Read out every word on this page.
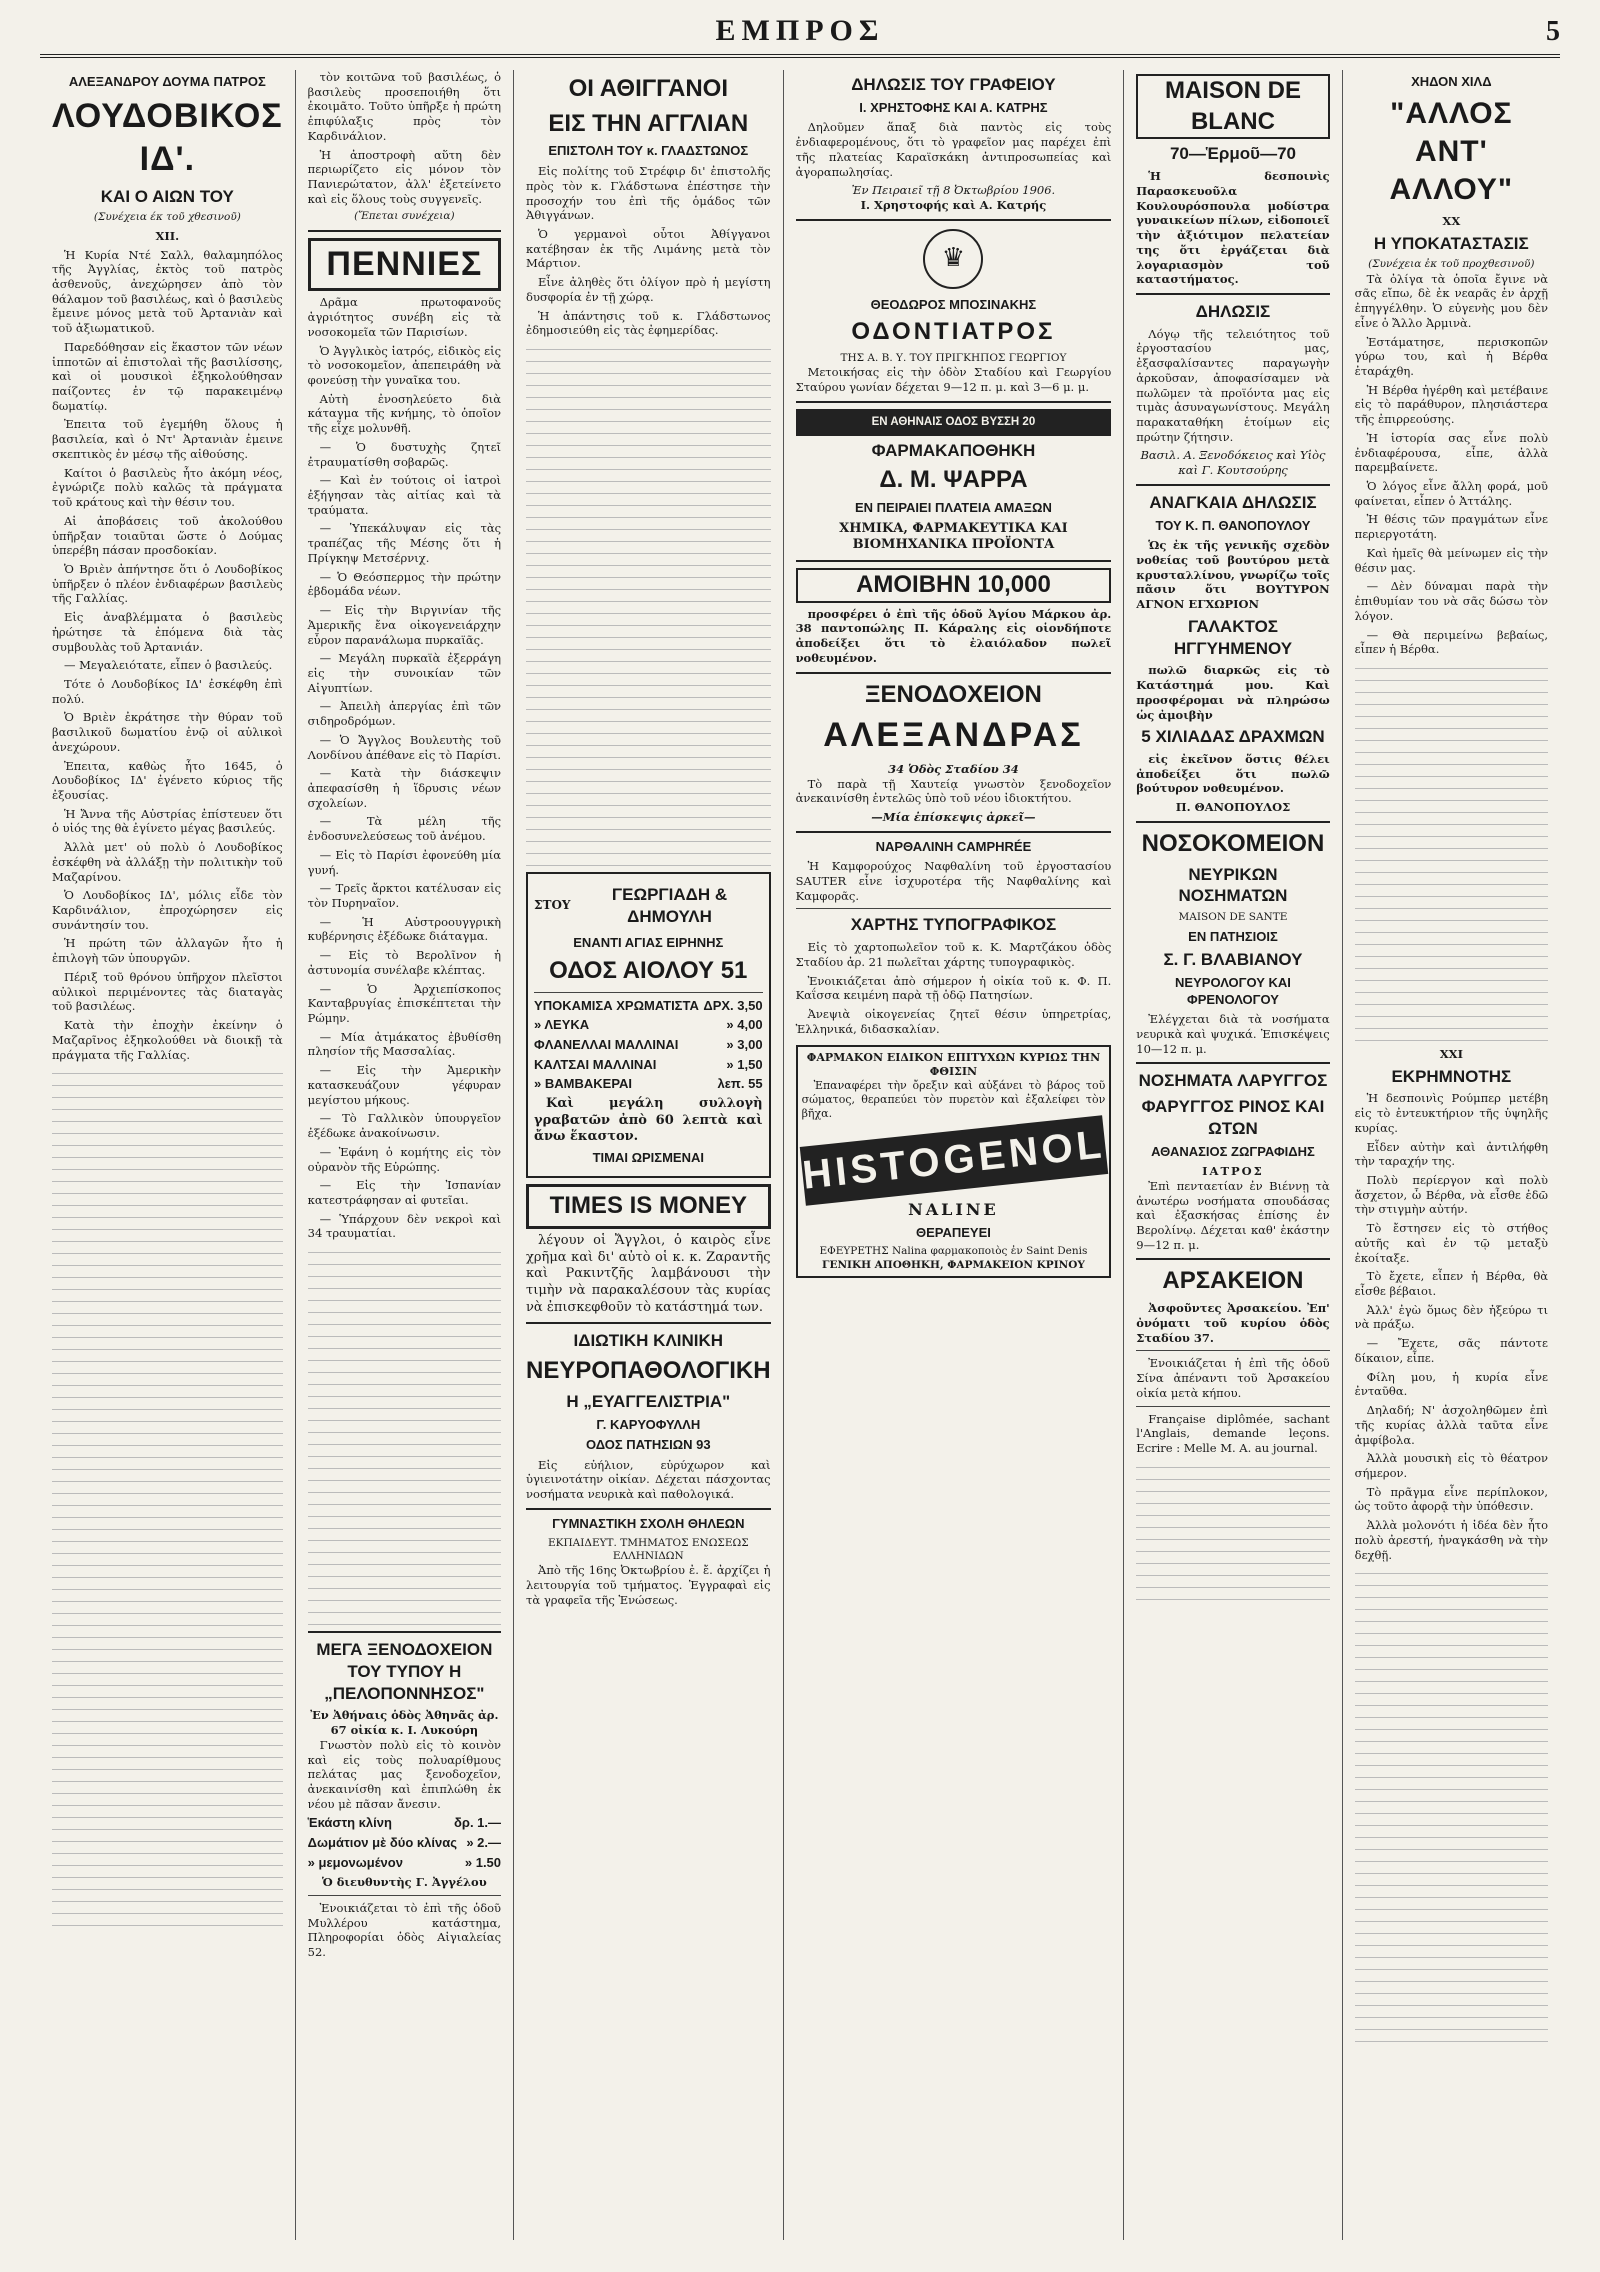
ΕΜΠΡΟΣ	5
ΑΛΕΞΑΝΔΡΟΥ ΔΟΥΜΑ ΠΑΤΡΟΣ
ΛΟΥΔΟΒΙΚΟΣ ΙΔ'.
ΚΑΙ Ο ΑΙΩΝ ΤΟΥ
(Συνέχεια έκ τοῦ χθεσινοῦ)
XII.

Ἡ Κυρία Ντέ Σαλλ, θαλαμηπόλος τῆς Ἀγγλίας, ἐκτὸς τοῦ πατρὸς ἀσθενοῦς, ἀνεχώρησεν ἀπὸ τὸν θάλαμον τοῦ βασιλέως, καὶ ὁ βασιλεὺς ἔμεινε μόνος μετὰ τοῦ Ἀρτανιὰν καὶ τοῦ ἀξιωματικοῦ.

Παρεδόθησαν εἰς ἕκαστον τῶν νέων ἱπποτῶν αἱ ἐπιστολαὶ τῆς βασιλίσσης, καὶ οἱ μουσικοὶ ἐξηκολούθησαν παίζοντες ἐν τῷ παρακειμένῳ δωματίῳ.

Ἐπειτα τοῦ ἐγεμήθη ὅλους ἡ βασιλεία, καὶ ὁ Ντ' Ἀρτανιὰν ἐμεινε σκεπτικὸς ἐν μέσῳ τῆς αἰθούσης.

Καίτοι ὁ βασιλεὺς ἦτο ἀκόμη νέος, ἐγνώριζε πολὺ καλῶς τὰ πράγματα τοῦ κράτους καὶ τὴν θέσιν του.

Αἱ ἀποβάσεις τοῦ ἀκολούθου ὑπῆρξαν τοιαῦται ὥστε ὁ Δούμας ὑπερέβη πάσαν προσδοκίαν.

Ὁ Βριὲν ἀπήντησε ὅτι ὁ Λουδοβίκος ὑπῆρξεν ὁ πλέον ἐνδιαφέρων βασιλεὺς τῆς Γαλλίας.

Εἰς ἀναβλέμματα ὁ βασιλεὺς ἠρώτησε τὰ ἐπόμενα διὰ τὰς συμβουλὰς τοῦ Ἀρτανιάν.

— Μεγαλειότατε, εἶπεν ὁ βασιλεύς.

Τότε ὁ Λουδοβίκος ΙΔ' ἐσκέφθη ἐπὶ πολύ.

Ὁ Βριὲν ἐκράτησε τὴν θύραν τοῦ βασιλικοῦ δωματίου ἐνῷ οἱ αὐλικοὶ ἀνεχώρουν.

Ἐπειτα, καθὼς ἦτο 1645, ὁ Λουδοβίκος ΙΔ' ἐγένετο κύριος τῆς ἐξουσίας.

Ἡ Ἄννα τῆς Αὐστρίας ἐπίστευεν ὅτι ὁ υἱός της θὰ ἐγίνετο μέγας βασιλεύς.

Ἀλλὰ μετ' οὐ πολὺ ὁ Λουδοβίκος ἐσκέφθη νὰ ἀλλάξῃ τὴν πολιτικὴν τοῦ Μαζαρίνου.

Ὁ Λουδοβίκος ΙΔ', μόλις εἶδε τὸν Καρδινάλιον, ἐπροχώρησεν εἰς συνάντησίν του.

Ἡ πρώτη τῶν ἀλλαγῶν ἦτο ἡ ἐπιλογὴ τῶν ὑπουργῶν.

Πέριξ τοῦ θρόνου ὑπῆρχον πλεῖστοι αὐλικοὶ περιμένοντες τὰς διαταγὰς τοῦ βασιλέως.

Κατὰ τὴν ἐποχὴν ἐκείνην ὁ Μαζαρῖνος ἐξηκολούθει νὰ διοικῇ τὰ πράγματα τῆς Γαλλίας.

τὸν κοιτῶνα τοῦ βασιλέως, ὁ βασιλεὺς προσεποιήθη ὅτι ἐκοιμᾶτο. Τοῦτο ὑπῆρξε ἡ πρώτη ἐπιφύλαξις πρὸς τὸν Καρδινάλιον.

Ἡ ἀποστροφὴ αὕτη δὲν περιωρίζετο εἰς μόνον τὸν Πανιερώτατον, ἀλλ' ἐξετείνετο καὶ εἰς ὅλους τοὺς συγγενεῖς.

(Ἔπεται συνέχεια)
ΠΕΝΝΙΕΣ

Δρᾶμα πρωτοφανοῦς ἀγριότητος συνέβη εἰς τὰ νοσοκομεῖα τῶν Παρισίων.

Ὁ Ἀγγλικὸς ἰατρός, εἰδικὸς εἰς τὸ νοσοκομεῖον, ἀπεπειράθη νὰ φονεύσῃ τὴν γυναῖκα του.

Αὐτὴ ἐνοσηλεύετο διὰ κάταγμα τῆς κνήμης, τὸ ὁποῖον τῆς εἶχε μολυνθῆ.

— Ὁ δυστυχὴς ζητεῖ ἐτραυματίσθη σοβαρῶς.

— Καὶ ἐν τούτοις οἱ ἰατροὶ ἐξήγησαν τὰς αἰτίας καὶ τὰ τραύματα.

— Ὑπεκάλυψαν εἰς τὰς τραπέζας τῆς Μέσης ὅτι ἡ Πρίγκηψ Μετσέρνιχ.

— Ὁ Θεόσπερμος τὴν πρώτην ἑβδομάδα νέων.

— Εἰς τὴν Βιργινίαν τῆς Ἀμερικῆς ἔνα οἰκογενειάρχην εὗρον παρανάλωμα πυρκαϊᾶς.

— Μεγάλη πυρκαϊὰ ἐξερράγη εἰς τὴν συνοικίαν τῶν Αἰγυπτίων.

— Ἀπειλὴ ἀπεργίας ἐπὶ τῶν σιδηροδρόμων.

— Ὁ Ἄγγλος Βουλευτὴς τοῦ Λονδίνου ἀπέθανε εἰς τὸ Παρίσι.

— Κατὰ τὴν διάσκεψιν ἀπεφασίσθη ἡ ἵδρυσις νέων σχολείων.

— Τὰ μέλη τῆς ἐνδοσυνελεύσεως τοῦ ἀνέμου.

— Εἰς τὸ Παρίσι ἐφονεύθη μία γυνή.

— Τρεῖς ἄρκτοι κατέλυσαν εἰς τὸν Πυρηναῖον.

— Ἡ Αὐστροουγγρικὴ κυβέρνησις ἐξέδωκε διάταγμα.

— Εἰς τὸ Βερολῖνον ἡ ἀστυνομία συνέλαβε κλέπτας.

— Ὁ Ἀρχιεπίσκοπος Κανταβρυγίας ἐπισκέπτεται τὴν Ρώμην.

— Μία ἀτμάκατος ἐβυθίσθη πλησίον τῆς Μασσαλίας.

— Εἰς τὴν Ἀμερικὴν κατασκευάζουν γέφυραν μεγίστου μήκους.

— Τὸ Γαλλικὸν ὑπουργεῖον ἐξέδωκε ἀνακοίνωσιν.

— Ἐφάνη ὁ κομήτης εἰς τὸν οὐρανὸν τῆς Εὐρώπης.

— Εἰς τὴν Ἰσπανίαν κατεστράφησαν αἱ φυτεῖαι.

— Ὑπάρχουν δὲν νεκροὶ καὶ 34 τραυματίαι.

ΜΕΓΑ ΞΕΝΟΔΟΧΕΙΟΝ ΤΟΥ ΤΥΠΟΥ Η „ΠΕΛΟΠΟΝΝΗΣΟΣ"
Ἐν Ἀθήναις ὁδὸς Ἀθηνᾶς ἀρ. 67 οἰκία κ. Ι. Λυκούρη

Γνωστὸν πολὺ εἰς τὸ κοινὸν καὶ εἰς τοὺς πολυαρίθμους πελάτας μας ξενοδοχεῖον, ἀνεκαινίσθη καὶ ἐπιπλώθη ἐκ νέου μὲ πᾶσαν ἄνεσιν.

Ἑκάστη κλίνη	δρ. 1.—
Δωμάτιον μὲ δύο κλίνας » 2.—
» μεμονωμένον	» 1.50
Ὁ διευθυντὴς Γ. Ἀγγέλου

Ἐνοικιάζεται τὸ ἐπὶ τῆς ὁδοῦ Μυλλέρου κατάστημα, Πληροφορίαι ὁδὸς Αἰγιαλείας 52.

ΟΙ ΑΘΙΓΓΑΝΟΙ
ΕΙΣ ΤΗΝ ΑΓΓΛΙΑΝ
ΕΠΙΣΤΟΛΗ ΤΟΥ κ. ΓΛΑΔΣΤΩΝΟΣ

Εἰς πολίτης τοῦ Στρέφιρ δι' ἐπιστολῆς πρὸς τὸν κ. Γλάδστωνα ἐπέστησε τὴν προσοχήν του ἐπὶ τῆς ὁμάδος τῶν Ἀθιγγάνων.

Ὁ γερμανοὶ οὗτοι Ἀθίγγανοι κατέβησαν ἐκ τῆς Λιμάνης μετὰ τὸν Μάρτιον.

Εἶνε ἀληθὲς ὅτι ὀλίγον πρὸ ἡ μεγίστη δυσφορία ἐν τῇ χώρᾳ.

Ἡ ἀπάντησις τοῦ κ. Γλάδστωνος ἐδημοσιεύθη εἰς τὰς ἐφημερίδας.

ΣΤΟΥ
ΓΕΩΡΓΙΑΔΗ & ΔΗΜΟΥΛΗ
ΕΝΑΝΤΙ ΑΓΙΑΣ ΕΙΡΗΝΗΣ
ΟΔΟΣ ΑΙΟΛΟΥ 51
ΥΠΟΚΑΜΙΣΑ ΧΡΩΜΑΤΙΣΤΑ ΔΡΧ. 3,50
» ΛΕΥΚΑ	» 4,00
ΦΛΑΝΕΛΛΑΙ ΜΑΛΛΙΝΑΙ	» 3,00
ΚΑΛΤΣΑΙ ΜΑΛΛΙΝΑΙ	» 1,50
» ΒΑΜΒΑΚΕΡΑΙ	λεπ. 55

Καὶ μεγάλη συλλογὴ γραβατῶν ἀπὸ 60 λεπτὰ καὶ ἄνω ἕκαστον.

ΤΙΜΑΙ ΩΡΙΣΜΕΝΑΙ
TIMES IS MONEY

λέγουν οἱ Ἄγγλοι, ὁ καιρὸς εἶνε χρῆμα καὶ δι' αὐτὸ οἱ κ. κ. Ζαραντῆς καὶ Ρακιντζῆς λαμβάνουσι τὴν τιμὴν νὰ παρακαλέσουν τὰς κυρίας νὰ ἐπισκεφθοῦν τὸ κατάστημά των.

ΙΔΙΩΤΙΚΗ ΚΛΙΝΙΚΗ
ΝΕΥΡΟΠΑΘΟΛΟΓΙΚΗ
Η „ΕΥΑΓΓΕΛΙΣΤΡΙΑ"
Γ. ΚΑΡΥΟΦΥΛΛΗ
ΟΔΟΣ ΠΑΤΗΣΙΩΝ 93

Εἰς εὐήλιον, εὐρύχωρον καὶ ὑγιεινοτάτην οἰκίαν. Δέχεται πάσχοντας νοσήματα νευρικὰ καὶ παθολογικά.

ΓΥΜΝΑΣΤΙΚΗ ΣΧΟΛΗ ΘΗΛΕΩΝ
ΕΚΠΑΙΔΕΥΤ. ΤΜΗΜΑΤΟΣ ΕΝΩΣΕΩΣ ΕΛΛΗΝΙΔΩΝ

Ἀπὸ τῆς 16ης Ὀκτωβρίου ἐ. ἔ. ἀρχίζει ἡ λειτουργία τοῦ τμήματος. Ἐγγραφαὶ εἰς τὰ γραφεῖα τῆς Ἑνώσεως.

ΔΗΛΩΣΙΣ ΤΟΥ ΓΡΑΦΕΙΟΥ
Ι. ΧΡΗΣΤΟΦΗΣ ΚΑΙ Α. ΚΑΤΡΗΣ

Δηλοῦμεν ἅπαξ διὰ παντὸς εἰς τοὺς ἐνδιαφερομένους, ὅτι τὸ γραφεῖον μας παρέχει ἐπὶ τῆς πλατείας Καραϊσκάκη ἀντιπροσωπείας καὶ ἀγοραπωλησίας.

Ἐν Πειραιεῖ τῇ 8 Ὀκτωβρίου 1906.
Ι. Χρηστοφής καὶ Α. Κατρής
♛
ΘΕΟΔΩΡΟΣ ΜΠΟΣΙΝΑΚΗΣ
ΟΔΟΝΤΙΑΤΡΟΣ
ΤΗΣ Α. Β. Υ. ΤΟΥ ΠΡΙΓΚΗΠΟΣ ΓΕΩΡΓΙΟΥ

Μετοικήσας εἰς τὴν ὁδὸν Σταδίου καὶ Γεωργίου Σταύρου γωνίαν δέχεται 9—12 π. μ. καὶ 3—6 μ. μ.

ΕΝ ΑΘΗΝΑΙΣ ΟΔΟΣ ΒΥΣΣΗ 20
ΦΑΡΜΑΚΑΠΟΘΗΚΗ
Δ. Μ. ΨΑΡΡΑ
ΕΝ ΠΕΙΡΑΙΕΙ ΠΛΑΤΕΙΑ ΑΜΑΞΩΝ
ΧΗΜΙΚΑ, ΦΑΡΜΑΚΕΥΤΙΚΑ ΚΑΙ ΒΙΟΜΗΧΑΝΙΚΑ ΠΡΟΪΟΝΤΑ
ΑΜΟΙΒΗΝ 10,000

προσφέρει ὁ ἐπὶ τῆς ὁδοῦ Ἀγίου Μάρκου ἀρ. 38 παντοπώλης Π. Κάραλης εἰς οἱονδήποτε ἀποδείξει ὅτι τὸ ἐλαιόλαδον πωλεῖ νοθευμένον.

ΞΕΝΟΔΟΧΕΙΟΝ
ΑΛΕΞΑΝΔΡΑΣ
34 Ὁδὸς Σταδίου 34

Τὸ παρὰ τῇ Χαυτείᾳ γνωστὸν ξενοδοχεῖον ἀνεκαινίσθη ἐντελῶς ὑπὸ τοῦ νέου ἰδιοκτήτου.

—Μία ἐπίσκεψις ἀρκεῖ—
ΝΑΡΘΑΛΙΝΗ CAMPHRÉE

Ἡ Καμφορούχος Ναφθαλίνη τοῦ ἐργοστασίου SAUTER εἶνε ἰσχυροτέρα τῆς Ναφθαλίνης καὶ Καμφορᾶς.

ΧΑΡΤΗΣ ΤΥΠΟΓΡΑΦΙΚΟΣ

Εἰς τὸ χαρτοπωλεῖον τοῦ κ. Κ. Μαρτζάκου ὁδὸς Σταδίου ἀρ. 21 πωλεῖται χάρτης τυπογραφικὸς.

Ἐνοικιάζεται ἀπὸ σήμερον ἡ οἰκία τοῦ κ. Φ. Π. Καΐσσα κειμένη παρὰ τῇ ὁδῷ Πατησίων.

Ἀνεψιὰ οἰκογενείας ζητεῖ θέσιν ὑπηρετρίας, Ἑλληνικά, διδασκαλίαν.

ΦΑΡΜΑΚΟΝ ΕΙΔΙΚΟΝ ΕΠΙΤΥΧΩΝ ΚΥΡΙΩΣ ΤΗΝ ΦΘΙΣΙΝ

Ἐπαναφέρει τὴν ὄρεξιν καὶ αὐξάνει τὸ βάρος τοῦ σώματος, θεραπεύει τὸν πυρετὸν καὶ ἐξαλείφει τὸν βῆχα.

HISTOGENOL
NALINE
ΘΕΡΑΠΕΥΕΙ
ΕΦΕΥΡΕΤΗΣ Nalina φαρμακοποιὸς ἐν Saint Denis
ΓΕΝΙΚΗ ΑΠΟΘΗΚΗ, ΦΑΡΜΑΚΕΙΟΝ ΚΡΙΝΟΥ
MAISON DE BLANC
70—Ἑρμοῦ—70

Ἡ δεσποινὶς Παρασκευοῦλα Κουλουρόσπουλα μοδίστρα γυναικείων πίλων, εἰδοποιεῖ τὴν ἀξιότιμον πελατείαν της ὅτι ἐργάζεται διὰ λογαριασμὸν τοῦ καταστήματος.

ΔΗΛΩΣΙΣ

Λόγῳ τῆς τελειότητος τοῦ ἐργοστασίου μας, ἐξασφαλίσαντες παραγωγὴν ἀρκοῦσαν, ἀποφασίσαμεν νὰ πωλῶμεν τὰ προϊόντα μας εἰς τιμὰς ἀσυναγωνίστους. Μεγάλη παρακαταθήκη ἑτοίμων εἰς πρώτην ζήτησιν.

Βασιλ. Α. Ξενοδόκειος καὶ Υἱὸς καὶ Γ. Κουτσούρης
ΑΝΑΓΚΑΙΑ ΔΗΛΩΣΙΣ
ΤΟΥ Κ. Π. ΘΑΝΟΠΟΥΛΟΥ

Ὡς ἐκ τῆς γενικῆς σχεδὸν νοθείας τοῦ βουτύρου μετὰ κρυσταλλίνου, γνωρίζω τοῖς πᾶσιν ὅτι ΒΟΥΤΥΡΟΝ ΑΓΝΟΝ ΕΓΧΩΡΙΟΝ

ΓΑΛΑΚΤΟΣ ΗΓΓΥΗΜΕΝΟΥ

πωλῶ διαρκῶς εἰς τὸ Κατάστημά μου. Καὶ προσφέρομαι νὰ πληρώσω ὡς ἀμοιβὴν

5 ΧΙΛΙΑΔΑΣ ΔΡΑΧΜΩΝ

εἰς ἐκεῖνον ὅστις θέλει ἀποδείξει ὅτι πωλῶ βούτυρον νοθευμένον.

Π. ΘΑΝΟΠΟΥΛΟΣ
ΝΟΣΟΚΟΜΕΙΟΝ
ΝΕΥΡΙΚΩΝ ΝΟΣΗΜΑΤΩΝ
MAISON DE SANTE
ΕΝ ΠΑΤΗΣΙΟΙΣ
Σ. Γ. ΒΛΑΒΙΑΝΟΥ
ΝΕΥΡΟΛΟΓΟΥ ΚΑΙ ΦΡΕΝΟΛΟΓΟΥ

Ἐλέγχεται διὰ τὰ νοσήματα νευρικὰ καὶ ψυχικά. Ἐπισκέψεις 10—12 π. μ.

ΝΟΣΗΜΑΤΑ ΛΑΡΥΓΓΟΣ
ΦΑΡΥΓΓΟΣ ΡΙΝΟΣ ΚΑΙ ΩΤΩΝ
ΑΘΑΝΑΣΙΟΣ ΖΩΓΡΑΦΙΔΗΣ
ΙΑΤΡΟΣ

Ἐπὶ πενταετίαν ἐν Βιέννῃ τὰ ἀνωτέρω νοσήματα σπουδάσας καὶ ἐξασκήσας ἐπίσης ἐν Βερολίνῳ. Δέχεται καθ' ἑκάστην 9—12 π. μ.

ΑΡΣΑΚΕΙΟΝ

Ἀσφοῦντες Ἀρσακείου. Ἐπ' ὀνόματι τοῦ κυρίου ὁδὸς Σταδίου 37.

Ἐνοικιάζεται ἡ ἐπὶ τῆς ὁδοῦ Σίνα ἀπέναντι τοῦ Ἀρσακείου οἰκία μετὰ κήπου.

Française diplômée, sachant l'Anglais, demande leçons. Ecrire : Melle M. A. au journal.

ΧΗΔΟΝ ΧΙΛΔ
"ΑΛΛΟΣ ΑΝΤ' ΑΛΛΟΥ"
XX
Η ΥΠΟΚΑΤΑΣΤΑΣΙΣ
(Συνέχεια ἐκ τοῦ προχθεσινοῦ)

Τὰ ὀλίγα τὰ ὁποῖα ἔγινε νὰ σᾶς εἴπω, δὲ ἐκ νεαρᾶς ἐν ἀρχῇ ἐπηγγέλθην. Ὁ εὐγενὴς μου δὲν εἶνε ὁ Ἄλλο Ἀρμινὰ.

Ἐστάματησε, περισκοπῶν γύρω του, καὶ ἡ Βέρθα ἐταράχθη.

Ἡ Βέρθα ἠγέρθη καὶ μετέβαινε εἰς τὸ παράθυρον, πλησιάστερα τῆς ἐπιρρεούσης.

Ἡ ἱστορία σας εἶνε πολὺ ἐνδιαφέρουσα, εἶπε, ἀλλὰ παρεμβαίνετε.

Ὁ λόγος εἶνε ἄλλη φορά, μοῦ φαίνεται, εἶπεν ὁ Ἀττάλης.

Ἡ θέσις τῶν πραγμάτων εἶνε περιεργοτάτη.

Καὶ ἡμεῖς θὰ μείνωμεν εἰς τὴν θέσιν μας.

— Δὲν δύναμαι παρὰ τὴν ἐπιθυμίαν του νὰ σᾶς δώσω τὸν λόγον.

— Θὰ περιμείνω βεβαίως, εἶπεν ἡ Βέρθα.

XXI
ΕΚΡΗΜΝΟΤΗΣ

Ἡ δεσποινὶς Ρούμπερ μετέβη εἰς τὸ ἐντευκτήριον τῆς ὑψηλῆς κυρίας.

Εἶδεν αὐτὴν καὶ ἀντιλήφθη τὴν ταραχήν της.

Πολὺ περίεργον καὶ πολὺ ἄσχετον, ὦ Βέρθα, νὰ εἶσθε ἐδῶ τὴν στιγμὴν αὐτήν.

Τὸ ἔστησεν εἰς τὸ στήθος αὐτῆς καὶ ἐν τῷ μεταξὺ ἐκοίταξε.

Τὸ ἔχετε, εἶπεν ἡ Βέρθα, θὰ εἶσθε βέβαιοι.

Ἀλλ' ἐγὼ ὅμως δὲν ἠξεύρω τι νὰ πράξω.

— Ἔχετε, σᾶς πάντοτε δίκαιον, εἶπε.

Φίλη μου, ἡ κυρία εἶνε ἐνταῦθα.

Δηλαδή; Ν' ἀσχοληθῶμεν ἐπὶ τῆς κυρίας ἀλλὰ ταῦτα εἶνε ἀμφίβολα.

Ἀλλὰ μουσικὴ εἰς τὸ θέατρον σήμερον.

Τὸ πρᾶγμα εἶνε περίπλοκον, ὡς τοῦτο ἀφορᾷ τὴν ὑπόθεσιν.

Ἀλλὰ μολονότι ἡ ἰδέα δὲν ἦτο πολὺ ἀρεστή, ἠναγκάσθη νὰ τὴν δεχθῇ.
